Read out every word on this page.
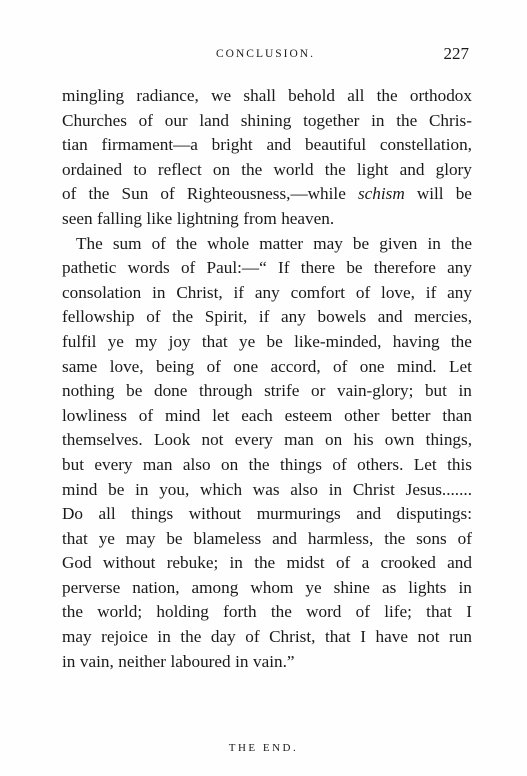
CONCLUSION.	227
mingling radiance, we shall behold all the orthodox
Churches of our land shining together in the Chris-
tian firmament—a bright and beautiful constellation,
ordained to reflect on the world the light and glory
of the Sun of Righteousness,—while schism will be
seen falling like lightning from heaven.
The sum of the whole matter may be given in the
pathetic words of Paul:—“ If there be therefore any
consolation in Christ, if any comfort of love, if any
fellowship of the Spirit, if any bowels and mercies,
fulfil ye my joy that ye be like-minded, having the
same love, being of one accord, of one mind. Let
nothing be done through strife or vain-glory; but in
lowliness of mind let each esteem other better than
themselves. Look not every man on his own things,
but every man also on the things of others. Let this
mind be in you, which was also in Christ Jesus.......
Do all things without murmurings and disputings:
that ye may be blameless and harmless, the sons of
God without rebuke; in the midst of a crooked and
perverse nation, among whom ye shine as lights in
the world; holding forth the word of life; that I
may rejoice in the day of Christ, that I have not run
in vain, neither laboured in vain.”
THE END.
